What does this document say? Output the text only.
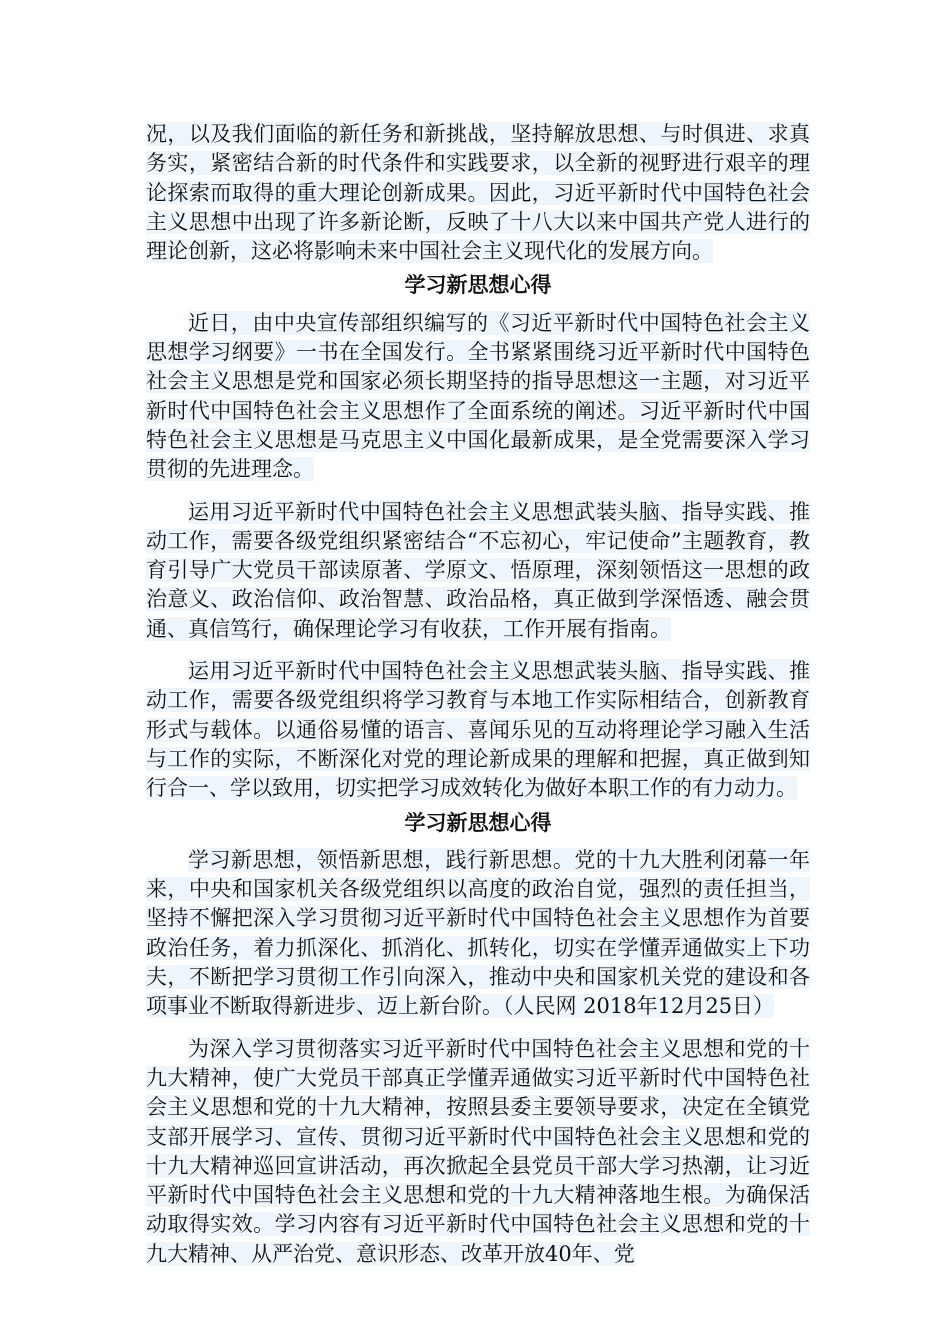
况，以及我们面临的新任务和新挑战，坚持解放思想、与时俱进、求真务实，紧密结合新的时代条件和实践要求，以全新的视野进行艰辛的理论探索而取得的重大理论创新成果。因此，习近平新时代中国特色社会主义思想中出现了许多新论断，反映了十八大以来中国共产党人进行的理论创新，这必将影响未来中国社会主义现代化的发展方向。

学习新思想心得

近日，由中央宣传部组织编写的《习近平新时代中国特色社会主义思想学习纲要》一书在全国发行。全书紧紧围绕习近平新时代中国特色社会主义思想是党和国家必须长期坚持的指导思想这一主题，对习近平新时代中国特色社会主义思想作了全面系统的阐述。习近平新时代中国特色社会主义思想是马克思主义中国化最新成果，是全党需要深入学习贯彻的先进理念。

运用习近平新时代中国特色社会主义思想武装头脑、指导实践、推动工作，需要各级党组织紧密结合“不忘初心，牢记使命”主题教育，教育引导广大党员干部读原著、学原文、悟原理，深刻领悟这一思想的政治意义、政治信仰、政治智慧、政治品格，真正做到学深悟透、融会贯通、真信笃行，确保理论学习有收获，工作开展有指南。

运用习近平新时代中国特色社会主义思想武装头脑、指导实践、推动工作，需要各级党组织将学习教育与本地工作实际相结合，创新教育形式与载体。以通俗易懂的语言、喜闻乐见的互动将理论学习融入生活与工作的实际，不断深化对党的理论新成果的理解和把握，真正做到知行合一、学以致用，切实把学习成效转化为做好本职工作的有力动力。

学习新思想心得

学习新思想，领悟新思想，践行新思想。党的十九大胜利闭幕一年来，中央和国家机关各级党组织以高度的政治自觉，强烈的责任担当，坚持不懈把深入学习贯彻习近平新时代中国特色社会主义思想作为首要政治任务，着力抓深化、抓消化、抓转化，切实在学懂弄通做实上下功夫，不断把学习贯彻工作引向深入，推动中央和国家机关党的建设和各项事业不断取得新进步、迈上新台阶。（人民网 2018年12月25日）

为深入学习贯彻落实习近平新时代中国特色社会主义思想和党的十九大精神，使广大党员干部真正学懂弄通做实习近平新时代中国特色社会主义思想和党的十九大精神，按照县委主要领导要求，决定在全镇党支部开展学习、宣传、贯彻习近平新时代中国特色社会主义思想和党的十九大精神巡回宣讲活动，再次掀起全县党员干部大学习热潮，让习近平新时代中国特色社会主义思想和党的十九大精神落地生根。为确保活动取得实效。学习内容有习近平新时代中国特色社会主义思想和党的十九大精神、从严治党、意识形态、改革开放40年、党
